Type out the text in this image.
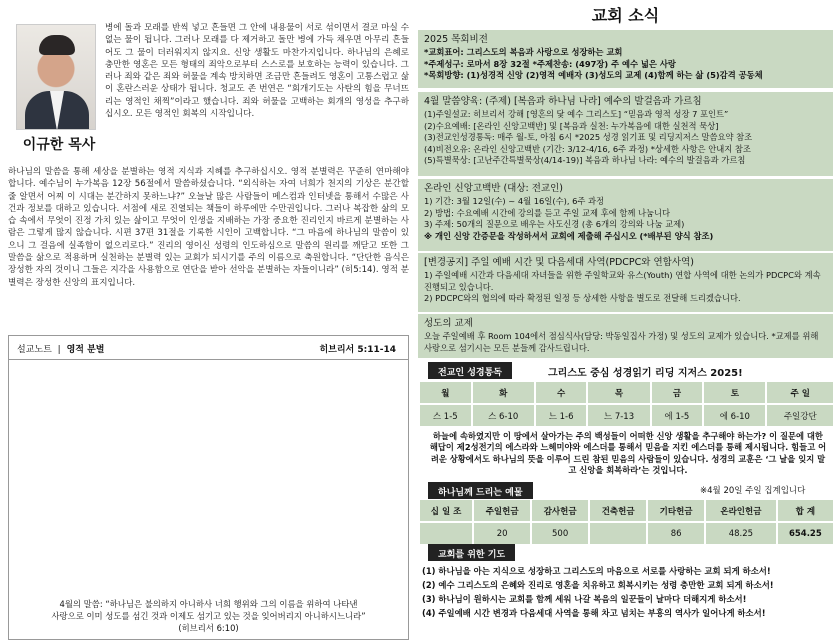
이규한 목사

병에 돌과 모래를 반씩 넣고 흔들면 그 안에 내용물이 서로 섞이면서 결코 마실 수 없는 물이 됩니다. 그러나 모래를 다 제거하고 돌만 병에 가득 채우면 아무리 흔들어도 그 물이 더러워지지 않지요. 신앙 생활도 마찬가지입니다. 하나님의 은혜로 충만한 영혼은 모든 형태의 죄악으로부터 스스로를 보호하는 능력이 있습니다. 그러나 죄와 같은 죄와 허물을 계속 방치하면 조금만 흔들려도 영혼이 고통스럽고 삶이 혼란스러운 상태가 됩니다. 청교도 존 번연은 “회개기도는 사탄의 힘을 무너뜨리는 영적인 채찍”이라고 했습니다. 죄와 허물을 고백하는 회개의 영성을 추구하십시오. 모든 영적인 회복의 시작입니다.

하나님의 말씀을 통해 세상을 분별하는 영적 지식과 지혜를 추구하십시오. 영적 분별력은 꾸준히 연마해야 합니다. 예수님이 누가복음 12장 56절에서 말씀하셨습니다. “외식하는 자여 너희가 천지의 기상은 분간할 줄 알면서 어찌 이 시대는 분간하지 못하느냐?” 오늘날 많은 사람들이 메스컴과 인터넷을 통해서 수많은 사건과 정보를 대하고 있습니다. 서점에 새로 진열되는 책들이 하루에만 수만권입니다. 그러나 복잡한 삶의 모습 속에서 무엇이 진정 가치 있는 삶이고 무엇이 인생을 지배하는 가장 중요한 진리인지 바르게 분별하는 사람은 그렇게 많지 않습니다. 시편 37편 31절을 기록한 시인이 고백합니다. “그 마음에 하나님의 말씀이 있으니 그 걸음에 실족함이 없으리로다.” 진리의 영이신 성령의 인도하심으로 말씀의 원리를 깨닫고 또한 그 말씀을 삶으로 적용하며 실천하는 분별력 있는 교회가 되시기를 주의 이름으로 축원합니다. “단단한 음식은 장성한 자의 것이니 그들은 지각을 사용함으로 연단을 받아 선악을 분별하는 자들이니라” (히5:14). 영적 분별력은 장성한 신앙의 표지입니다.

설교노트 | 영적 분별	히브리서 5:11-14
4월의 말씀: “하나님은 불의하지 아니하사 너희 행위와 그의 이름을 위하여 나타낸
사랑으로 이미 성도를 섬긴 것과 이제도 섬기고 있는 것을 잊어버리지 아니하시느니라”
(히브리서 6:10)
교회 소식
2025 목회비전
*교회표어: 그리스도의 복음과 사랑으로 성장하는 교회
*주제성구: 로마서 8장 32절 *주제찬송: (497장) 주 예수 넓은 사랑
*목회방향: (1)성경적 신앙 (2)영적 예배자 (3)성도의 교제 (4)함께 하는 삶 (5)감격 공동체
4월 말씀양육: (주제) [복음과 하나님 나라] 예수의 발걸음과 가르침
(1)주일설교: 히브리서 강해 [영혼의 닻 예수 그리스도] “믿음과 영적 성장 7 포인트”
(2)수요예배: [온라인 신앙고백반] 및 [복음과 실천: 누가복음에 대한 실천적 묵상]
(3)전교인성경통독: 매주 월-토, 아침 6시 *2025 성경 읽기표 및 리딩지저스 말씀요약 참조
(4)비전오유: 온라인 신앙고백반 (기간: 3/12-4/16, 6주 과정) *상세한 사항은 안내지 참조
(5)특별묵상: [고난주간특별묵상(4/14-19)] 복음과 하나님 나라: 예수의 발걸음과 가르침
온라인 신앙고백반 (대상: 전교인)
1) 기간: 3월 12일(수) ~ 4월 16일(수), 6주 과정
2) 방법: 수요예배 시간에 강의를 듣고 주일 교제 후에 함께 나눔니다
3) 주제: 50개의 질문으로 배우는 사도신경 (총 6개의 강의와 나눔 교제)
※ 개인 신앙 간증문을 작성하셔서 교회에 제출해 주십시오 (*배부된 양식 참조)
[변경공지] 주일 예배 시간 및 다음세대 사역(PDCPC와 연합사역)
1) 주일예배 시간과 다음세대 자녀들을 위한 주일학교와 유스(Youth) 연합 사역에 대한 논의가 PDCPC와 계속 진행되고 있습니다.
2) PDCPC와의 협의에 따라 확정된 일정 등 상세한 사항을 별도로 전달해 드리겠습니다.
성도의 교제
오늘 주일예배 후 Room 104에서 점심식사(담당: 박동일집사 가정) 및 성도의 교제가 있습니다. *교제를 위해 사랑으로 섬기시는 모든 분들께 감사드립니다.
전교인 성경통독	그리스도 중심 성경읽기 리딩 지저스 2025!
월	화	수	목	금	토	주 일
스 1-5	스 6-10	느 1-6	느 7-13	에 1-5	에 6-10	주일강단
하늘에 속하였지만 이 땅에서 살아가는 주의 백성들이 어떠한 신앙 생활을 추구해야 하는가? 이 질문에 대한 해답이 제2성전기의 에스라와 느헤미야와 에스더를 통해서 믿음을 지킨 에스더를 통해 제시됩니다. 힘들고 어려운 상황에서도 하나님의 뜻을 이루어 드린 참된 믿음의 사람들이 있습니다. 성경의 교훈은 ‘그 날을 잊지 말고 신앙을 회복하라’는 것입니다.
하나님께 드리는 예물	※4월 20일 주일 집계입니다
십 일 조	주일헌금	감사헌금	건축헌금	기타헌금	온라인헌금	합 계
	20	500		86	48.25	654.25
교회를 위한 기도
(1) 하나님을 아는 지식으로 성장하고 그리스도의 마음으로 서로를 사랑하는 교회 되게 하소서!
(2) 예수 그리스도의 은혜와 진리로 영혼을 치유하고 회복시키는 성령 충만한 교회 되게 하소서!
(3) 하나님이 원하시는 교회를 함께 세워 나갈 복음의 일꾼들이 날마다 더해지게 하소서!
(4) 주일예배 시간 변경과 다음세대 사역을 통해 차고 넘치는 부흥의 역사가 일어나게 하소서!
